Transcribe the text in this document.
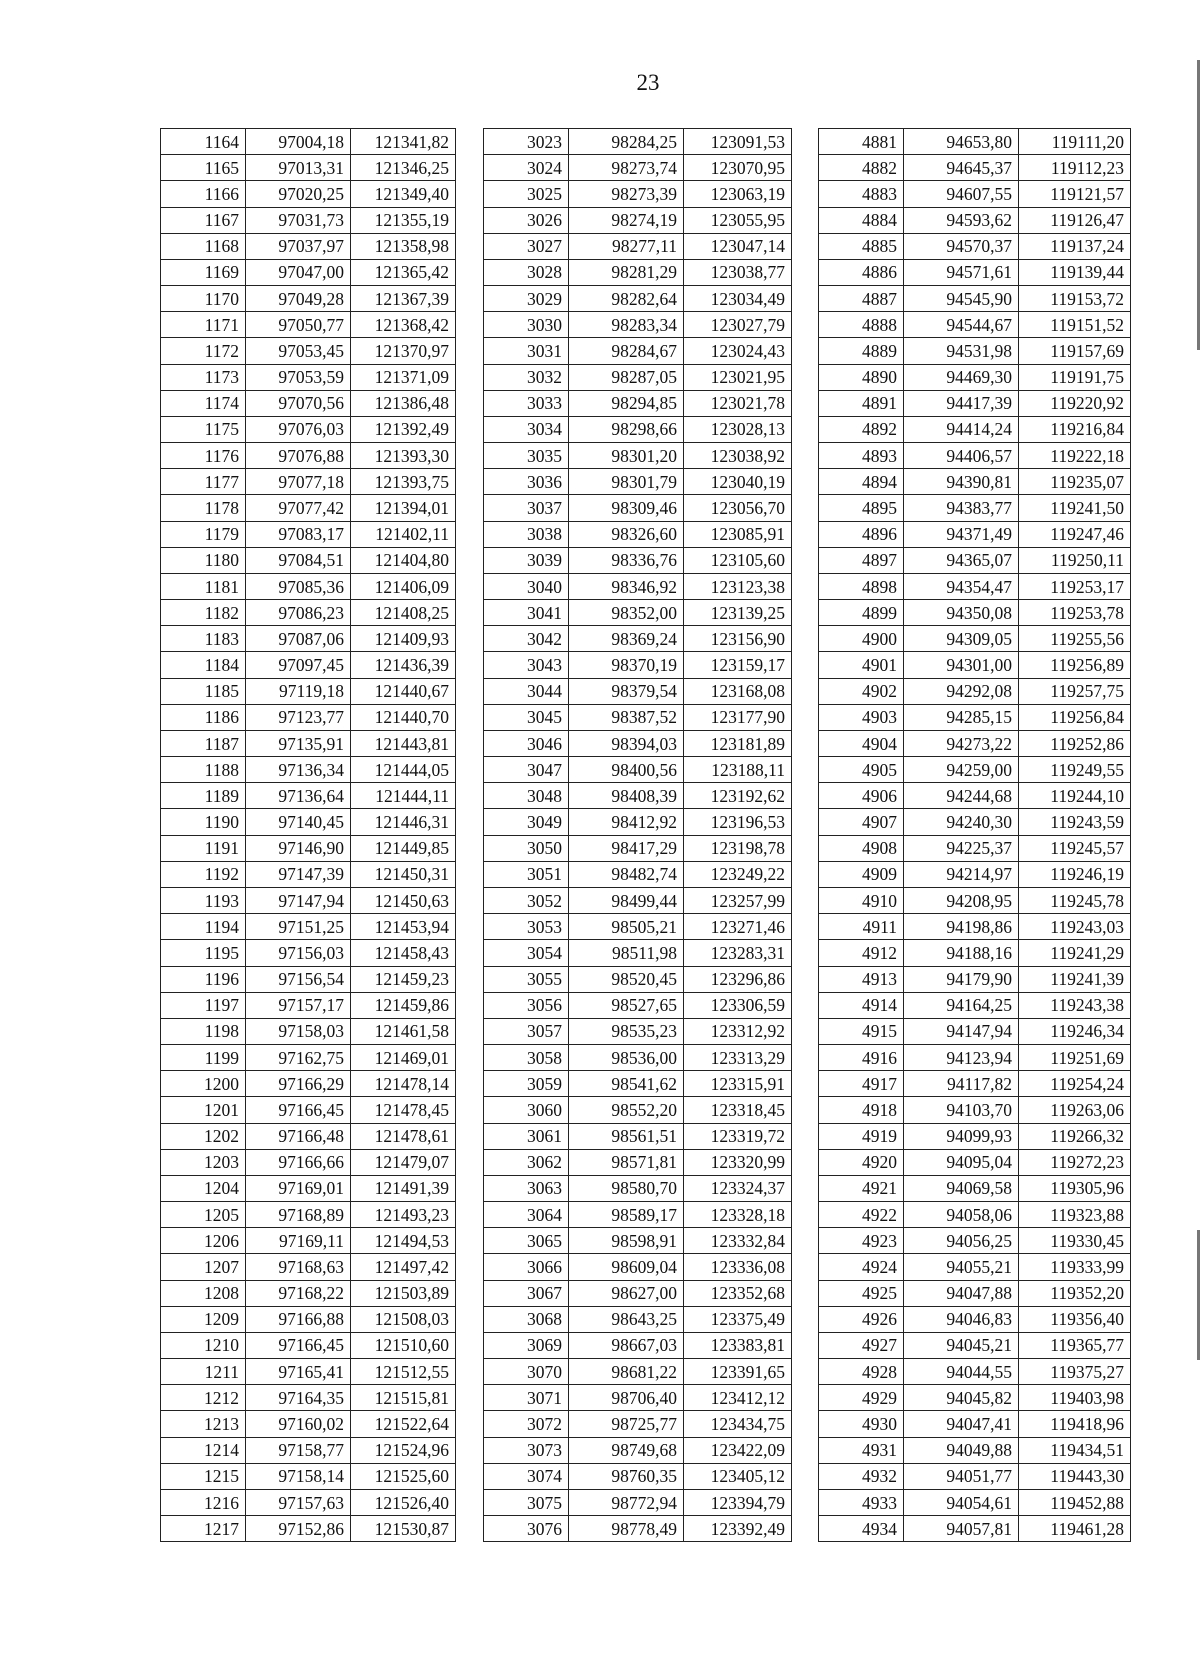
23
1164	97004,18	121341,82
1165	97013,31	121346,25
1166	97020,25	121349,40
1167	97031,73	121355,19
1168	97037,97	121358,98
1169	97047,00	121365,42
1170	97049,28	121367,39
1171	97050,77	121368,42
1172	97053,45	121370,97
1173	97053,59	121371,09
1174	97070,56	121386,48
1175	97076,03	121392,49
1176	97076,88	121393,30
1177	97077,18	121393,75
1178	97077,42	121394,01
1179	97083,17	121402,11
1180	97084,51	121404,80
1181	97085,36	121406,09
1182	97086,23	121408,25
1183	97087,06	121409,93
1184	97097,45	121436,39
1185	97119,18	121440,67
1186	97123,77	121440,70
1187	97135,91	121443,81
1188	97136,34	121444,05
1189	97136,64	121444,11
1190	97140,45	121446,31
1191	97146,90	121449,85
1192	97147,39	121450,31
1193	97147,94	121450,63
1194	97151,25	121453,94
1195	97156,03	121458,43
1196	97156,54	121459,23
1197	97157,17	121459,86
1198	97158,03	121461,58
1199	97162,75	121469,01
1200	97166,29	121478,14
1201	97166,45	121478,45
1202	97166,48	121478,61
1203	97166,66	121479,07
1204	97169,01	121491,39
1205	97168,89	121493,23
1206	97169,11	121494,53
1207	97168,63	121497,42
1208	97168,22	121503,89
1209	97166,88	121508,03
1210	97166,45	121510,60
1211	97165,41	121512,55
1212	97164,35	121515,81
1213	97160,02	121522,64
1214	97158,77	121524,96
1215	97158,14	121525,60
1216	97157,63	121526,40
1217	97152,86	121530,87
3023	98284,25	123091,53
3024	98273,74	123070,95
3025	98273,39	123063,19
3026	98274,19	123055,95
3027	98277,11	123047,14
3028	98281,29	123038,77
3029	98282,64	123034,49
3030	98283,34	123027,79
3031	98284,67	123024,43
3032	98287,05	123021,95
3033	98294,85	123021,78
3034	98298,66	123028,13
3035	98301,20	123038,92
3036	98301,79	123040,19
3037	98309,46	123056,70
3038	98326,60	123085,91
3039	98336,76	123105,60
3040	98346,92	123123,38
3041	98352,00	123139,25
3042	98369,24	123156,90
3043	98370,19	123159,17
3044	98379,54	123168,08
3045	98387,52	123177,90
3046	98394,03	123181,89
3047	98400,56	123188,11
3048	98408,39	123192,62
3049	98412,92	123196,53
3050	98417,29	123198,78
3051	98482,74	123249,22
3052	98499,44	123257,99
3053	98505,21	123271,46
3054	98511,98	123283,31
3055	98520,45	123296,86
3056	98527,65	123306,59
3057	98535,23	123312,92
3058	98536,00	123313,29
3059	98541,62	123315,91
3060	98552,20	123318,45
3061	98561,51	123319,72
3062	98571,81	123320,99
3063	98580,70	123324,37
3064	98589,17	123328,18
3065	98598,91	123332,84
3066	98609,04	123336,08
3067	98627,00	123352,68
3068	98643,25	123375,49
3069	98667,03	123383,81
3070	98681,22	123391,65
3071	98706,40	123412,12
3072	98725,77	123434,75
3073	98749,68	123422,09
3074	98760,35	123405,12
3075	98772,94	123394,79
3076	98778,49	123392,49
4881	94653,80	119111,20
4882	94645,37	119112,23
4883	94607,55	119121,57
4884	94593,62	119126,47
4885	94570,37	119137,24
4886	94571,61	119139,44
4887	94545,90	119153,72
4888	94544,67	119151,52
4889	94531,98	119157,69
4890	94469,30	119191,75
4891	94417,39	119220,92
4892	94414,24	119216,84
4893	94406,57	119222,18
4894	94390,81	119235,07
4895	94383,77	119241,50
4896	94371,49	119247,46
4897	94365,07	119250,11
4898	94354,47	119253,17
4899	94350,08	119253,78
4900	94309,05	119255,56
4901	94301,00	119256,89
4902	94292,08	119257,75
4903	94285,15	119256,84
4904	94273,22	119252,86
4905	94259,00	119249,55
4906	94244,68	119244,10
4907	94240,30	119243,59
4908	94225,37	119245,57
4909	94214,97	119246,19
4910	94208,95	119245,78
4911	94198,86	119243,03
4912	94188,16	119241,29
4913	94179,90	119241,39
4914	94164,25	119243,38
4915	94147,94	119246,34
4916	94123,94	119251,69
4917	94117,82	119254,24
4918	94103,70	119263,06
4919	94099,93	119266,32
4920	94095,04	119272,23
4921	94069,58	119305,96
4922	94058,06	119323,88
4923	94056,25	119330,45
4924	94055,21	119333,99
4925	94047,88	119352,20
4926	94046,83	119356,40
4927	94045,21	119365,77
4928	94044,55	119375,27
4929	94045,82	119403,98
4930	94047,41	119418,96
4931	94049,88	119434,51
4932	94051,77	119443,30
4933	94054,61	119452,88
4934	94057,81	119461,28
